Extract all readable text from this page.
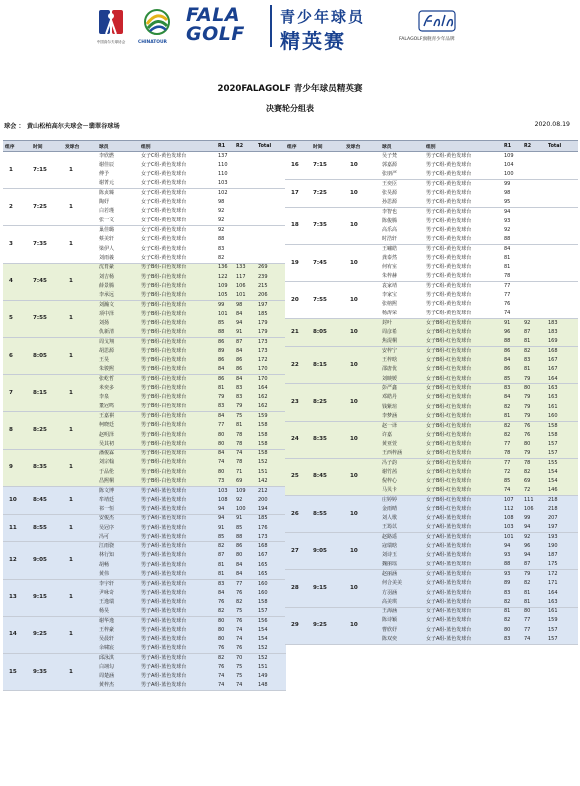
中国高尔夫球协会	CHINATOUR
FALA
GOLF
青少年球员
精英赛	FALAGOLF旗舰青少年品牌
2020FALAGOLF 青少年球员精英赛
决赛轮分组表
球会 ： 黄山松柏高尔夫球会－翡翠谷球场	2020.08.19
组序	时间	发球台	球员	组别	R1	R2	Total
1	7:15	1	李欣燃	女子C组-黄色发球台	137		
			谢佳辰	女子C组-黄色发球台	110		
			傅予	女子C组-黄色发球台	110		
			谢菁元	女子C组-黄色发球台	103		
2	7:25	1	陈贞臻	女子C组-黄色发球台	102		
			陶妤	女子C组-黄色发球台	98		
			白若瑾	女子C组-黄色发球台	92		
			张一文	女子C组-黄色发球台	92		
3	7:35	1	巢佳璐	女子C组-黄色发球台	92		
			蔡美轩	女子C组-黄色发球台	88		
			梁伊人	女子C组-黄色发球台	83		
			刘雨羲	女子C组-黄色发球台	82		
4	7:45	1	沈育豪	男子B组-白色发球台	136	133	269
			刘吉杨	男子B组-白色发球台	122	117	239
			薛景腾	男子B组-白色发球台	109	106	215
			李承远	男子B组-白色发球台	105	101	206
5	7:55	1	刘瀚文	男子B组-白色发球台	99	98	197
			项中泽	男子B组-白色发球台	101	84	185
			刘扬	男子B组-白色发球台	85	94	179
			仇新清	男子B组-白色发球台	88	91	179
6	8:05	1	周戈翔	男子B组-白色发球台	86	87	173
			胡思源	男子B组-白色发球台	89	84	173
			王昊	男子B组-白色发球台	86	86	172
			朱骏熙	男子B组-白色发球台	84	86	170
7	8:15	1	张屹哲	男子B组-白色发球台	86	84	170
			米奕多	男子B组-白色发球台	81	83	164
			李泉	男子B组-白色发球台	79	83	162
			董冠鸣	男子B组-白色发球台	83	79	162
8	8:25	1	王嘉祺	男子B组-白色发球台	84	75	159
			柯晓廷	男子B组-白色发球台	77	81	158
			赵明泽	男子B组-白色发球台	80	78	158
			吴其初	男子B组-白色发球台	80	78	158
9	8:35	1	潘俊霖	男子B组-白色发球台	84	74	158
			刘宗翰	男子B组-白色发球台	74	78	152
			于品伦	男子B组-白色发球台	80	71	151
			昌熙桐	男子B组-白色发球台	73	69	142
10	8:45	1	陈文博	男子A组-蓝色发球台	103	109	212
			牟靖廷	男子A组-蓝色发球台	108	92	200
			祁一恒	男子A组-蓝色发球台	94	100	194
11	8:55	1	安俊杰	男子A组-蓝色发球台	94	91	185
			吴冠序	男子A组-蓝色发球台	91	85	176
			冯可	男子A组-蓝色发球台	85	88	173
12	9:05	1	江雨骁	男子A组-蓝色发球台	82	86	168
			林行知	男子A组-蓝色发球台	87	80	167
			胡畅	男子A组-蓝色发球台	81	84	165
			黄伟	男子A组-蓝色发球台	81	84	165
13	9:15	1	李宇轩	男子A组-蓝色发球台	83	77	160
			尹咏奇	男子A组-蓝色发球台	84	76	160
			王逸瑞	男子A组-蓝色发球台	76	82	158
			杨昊	男子A组-蓝色发球台	82	75	157
14	9:25	1	谢华逸	男子A组-蓝色发球台	80	76	156
			王梓豪	男子A组-蓝色发球台	80	74	154
			吴晨轩	男子A组-蓝色发球台	80	74	154
			余啸宸	男子A组-蓝色发球台	76	76	152
15	9:35	1	邱泳淇	男子A组-蓝色发球台	82	70	152
			白翊勾	男子A组-蓝色发球台	76	75	151
			周楚涵	男子A组-蓝色发球台	74	75	149
			黄梓杰	男子A组-蓝色发球台	74	74	148
组序	时间	发球台	球员	组别	R1	R2	Total
16	7:15	10	吴子梵	男子C组-黄色发球台	109		
			郭嘉源	男子C组-黄色发球台	104		
			张朋严	男子C组-黄色发球台	100		
17	7:25	10	王奕臣	男子C组-黄色发球台	99		
			张昊源	男子C组-黄色发球台	98		
			孙思源	男子C组-黄色发球台	95		
18	7:35	10	李智也	男子C组-黄色发球台	94		
			陈俊腾	男子C组-黄色发球台	93		
			高乐高	男子C组-黄色发球台	92		
			时浩轩	男子C组-黄色发球台	88		
19	7:45	10	王嘯皓	男子C组-黄色发球台	84		
			龚泰然	男子C组-黄色发球台	81		
			何宥室	男子C组-黄色发球台	81		
			朱梓赫	男子C组-黄色发球台	78		
20	7:55	10	袁家靖	男子C组-黄色发球台	77		
			李家宝	男子C组-黄色发球台	77		
			张榕熙	男子C组-黄色发球台	76		
			杨涛荣	男子C组-黄色发球台	74		
21	8:05	10	封叶	女子B组-红色发球台	91	92	183
			周彦希	女子B组-红色发球台	96	87	183
			焦湜桐	女子B组-红色发球台	88	81	169
22	8:15	10	安梓宁	女子B组-红色发球台	86	82	168
			王梓晗	女子B组-红色发球台	84	83	167
			邵唐优	女子B组-红色发球台	86	81	167
			刘映媛	女子B组-红色发球台	85	79	164
23	8:25	10	彭严鑫	女子B组-红色发球台	83	80	163
			邓皓丹	女子B组-红色发球台	84	79	163
			钱紫瑄	女子B组-红色发球台	82	79	161
			李梦涵	女子B组-红色发球台	81	79	160
24	8:35	10	赵一译	女子B组-红色发球台	82	76	158
			许嘉	女子B组-红色发球台	82	76	158
			黄亚萱	女子B组-红色发球台	77	80	157
			王西梓涵	女子B组-红色发球台	78	79	157
25	8:45	10	冯子韵	女子B组-红色发球台	77	78	155
			谢竹茜	女子B组-红色发球台	72	82	154
			倪梓心	女子B组-红色发球台	85	69	154
			马贝卡	女子B组-红色发球台	74	72	146
26	8:55	10	庄婷婷	女子B组-红色发球台	107	111	218
			金雨晴	女子B组-红色发球台	112	106	218
			刘人歌	女子A组-蓝色发球台	108	99	207
			王筠苡	女子A组-蓝色发球台	103	94	197
27	9:05	10	赵路遥	女子A组-蓝色发球台	101	92	193
			寇瑞晗	女子A组-蓝色发球台	94	96	190
			刘诗玉	女子A组-蓝色发球台	93	94	187
			魏丽瑶	女子A组-蓝色发球台	88	87	175
28	9:15	10	赵丽涵	女子A组-蓝色发球台	93	79	172
			何合美美	女子A组-蓝色发球台	89	82	171
			方羽涵	女子A组-蓝色发球台	83	81	164
			高美琪	女子A组-蓝色发球台	82	81	163
29	9:25	10	王海涵	女子A组-蓝色发球台	81	80	161
			陈诗颖	女子A组-蓝色发球台	82	77	159
			曹欣妤	女子A组-蓝色发球台	80	77	157
			陈双奕	女子A组-蓝色发球台	83	74	157
